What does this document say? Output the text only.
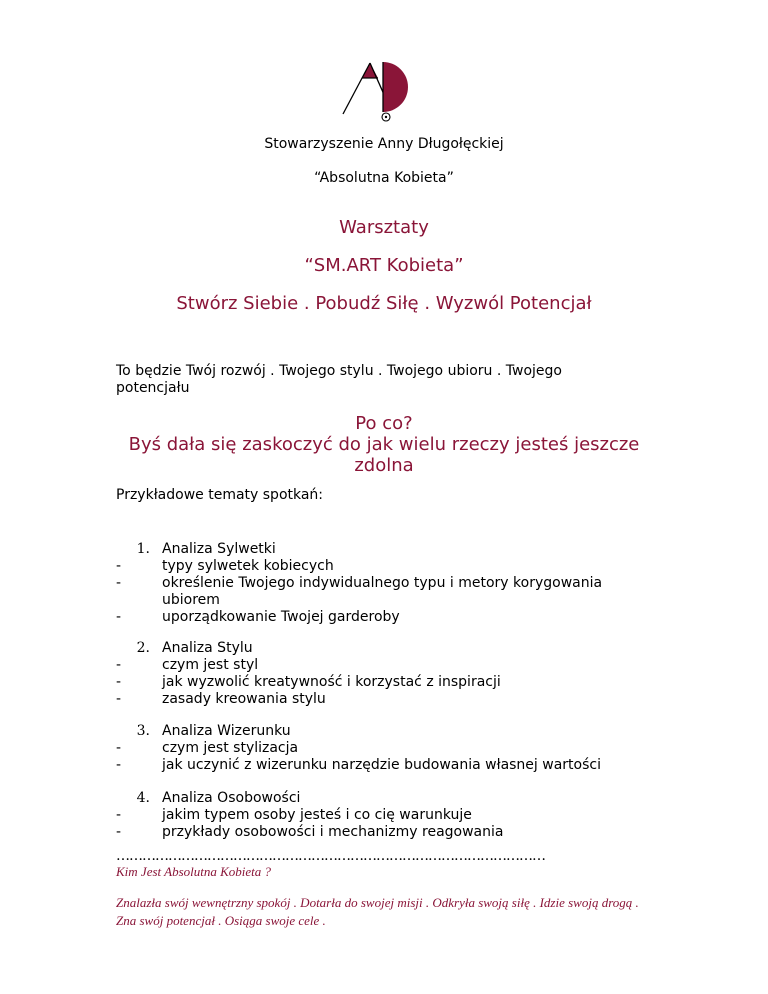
Stowarzyszenie Anny Długołęckiej
“Absolutna Kobieta”
Warsztaty
“SM.ART Kobieta”
Stwórz Siebie . Pobudź Siłę . Wyzwól Potencjał
To będzie Twój rozwój . Twojego stylu . Twojego ubioru . Twojego potencjału
Po co?
Byś dała się zaskoczyć do jak wielu rzeczy jesteś jeszcze zdolna
Przykładowe tematy spotkań:
1. Analiza Sylwetki
-	typy sylwetek kobiecych
-	określenie Twojego indywidualnego typu i metory korygowania ubiorem
-	uporządkowanie Twojej garderoby
2. Analiza Stylu
-	czym jest styl
-	jak wyzwolić kreatywność i korzystać z inspiracji
-	zasady kreowania stylu
3. Analiza Wizerunku
-	czym jest stylizacja
-	jak uczynić z wizerunku narzędzie budowania własnej wartości
4. Analiza Osobowości
-	jakim typem osoby jesteś i co cię warunkuje
-	przykłady osobowości i mechanizmy reagowania
………………………………………………………………………………………
Kim Jest Absolutna Kobieta ?
Znalazła swój wewnętrzny spokój . Dotarła do swojej misji . Odkryła swoją siłę . Idzie swoją drogą . Zna swój potencjał . Osiąga swoje cele .
